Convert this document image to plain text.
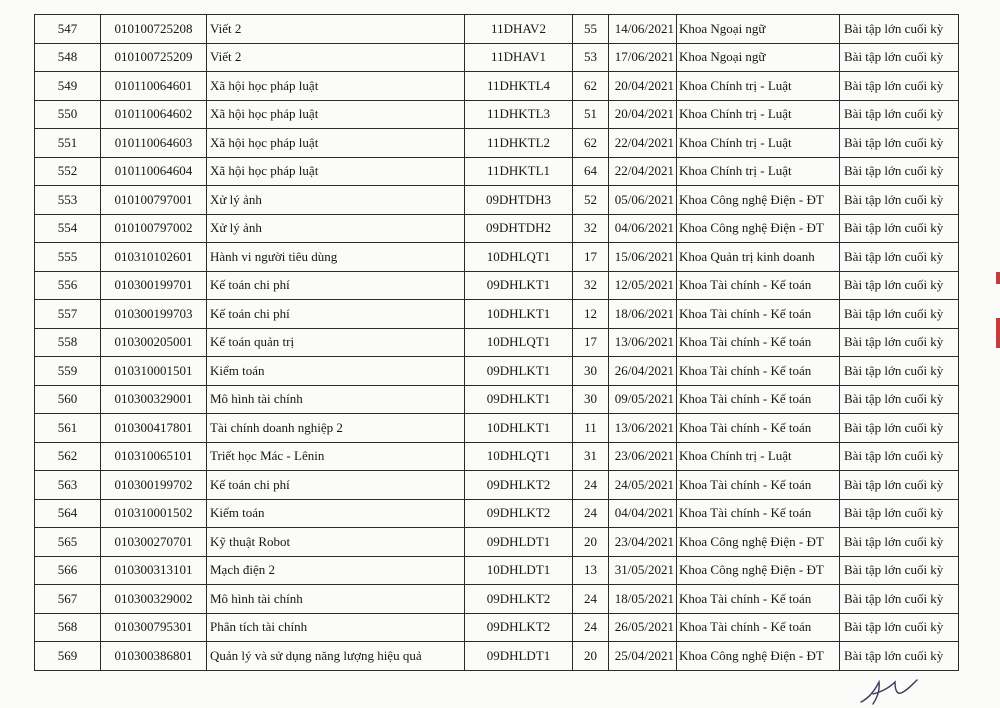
547	010100725208	Viết 2	11DHAV2	55	14/06/2021	Khoa Ngoại ngữ	Bài tập lớn cuối kỳ
548	010100725209	Viết 2	11DHAV1	53	17/06/2021	Khoa Ngoại ngữ	Bài tập lớn cuối kỳ
549	010110064601	Xã hội học pháp luật	11DHKTL4	62	20/04/2021	Khoa Chính trị - Luật	Bài tập lớn cuối kỳ
550	010110064602	Xã hội học pháp luật	11DHKTL3	51	20/04/2021	Khoa Chính trị - Luật	Bài tập lớn cuối kỳ
551	010110064603	Xã hội học pháp luật	11DHKTL2	62	22/04/2021	Khoa Chính trị - Luật	Bài tập lớn cuối kỳ
552	010110064604	Xã hội học pháp luật	11DHKTL1	64	22/04/2021	Khoa Chính trị - Luật	Bài tập lớn cuối kỳ
553	010100797001	Xử lý ảnh	09DHTDH3	52	05/06/2021	Khoa Công nghệ Điện - ĐT	Bài tập lớn cuối kỳ
554	010100797002	Xử lý ảnh	09DHTDH2	32	04/06/2021	Khoa Công nghệ Điện - ĐT	Bài tập lớn cuối kỳ
555	010310102601	Hành vi người tiêu dùng	10DHLQT1	17	15/06/2021	Khoa Quản trị kinh doanh	Bài tập lớn cuối kỳ
556	010300199701	Kế toán chi phí	09DHLKT1	32	12/05/2021	Khoa Tài chính - Kế toán	Bài tập lớn cuối kỳ
557	010300199703	Kế toán chi phí	10DHLKT1	12	18/06/2021	Khoa Tài chính - Kế toán	Bài tập lớn cuối kỳ
558	010300205001	Kế toán quản trị	10DHLQT1	17	13/06/2021	Khoa Tài chính - Kế toán	Bài tập lớn cuối kỳ
559	010310001501	Kiểm toán	09DHLKT1	30	26/04/2021	Khoa Tài chính - Kế toán	Bài tập lớn cuối kỳ
560	010300329001	Mô hình tài chính	09DHLKT1	30	09/05/2021	Khoa Tài chính - Kế toán	Bài tập lớn cuối kỳ
561	010300417801	Tài chính doanh nghiệp 2	10DHLKT1	11	13/06/2021	Khoa Tài chính - Kế toán	Bài tập lớn cuối kỳ
562	010310065101	Triết học Mác - Lênin	10DHLQT1	31	23/06/2021	Khoa Chính trị - Luật	Bài tập lớn cuối kỳ
563	010300199702	Kế toán chi phí	09DHLKT2	24	24/05/2021	Khoa Tài chính - Kế toán	Bài tập lớn cuối kỳ
564	010310001502	Kiểm toán	09DHLKT2	24	04/04/2021	Khoa Tài chính - Kế toán	Bài tập lớn cuối kỳ
565	010300270701	Kỹ thuật Robot	09DHLDT1	20	23/04/2021	Khoa Công nghệ Điện - ĐT	Bài tập lớn cuối kỳ
566	010300313101	Mạch điện 2	10DHLDT1	13	31/05/2021	Khoa Công nghệ Điện - ĐT	Bài tập lớn cuối kỳ
567	010300329002	Mô hình tài chính	09DHLKT2	24	18/05/2021	Khoa Tài chính - Kế toán	Bài tập lớn cuối kỳ
568	010300795301	Phân tích tài chính	09DHLKT2	24	26/05/2021	Khoa Tài chính - Kế toán	Bài tập lớn cuối kỳ
569	010300386801	Quản lý và sử dụng năng lượng hiệu quả	09DHLDT1	20	25/04/2021	Khoa Công nghệ Điện - ĐT	Bài tập lớn cuối kỳ
